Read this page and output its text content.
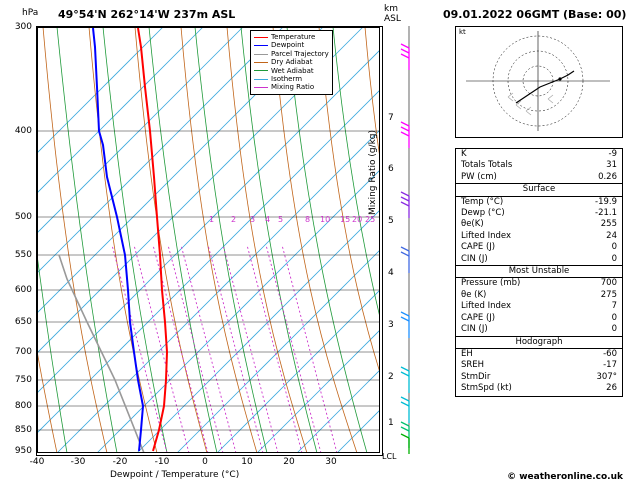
hPa 49°54'N 262°14'W 237m ASL	km
ASL	09.01.2022 06GMT (Base: 00)
1 2 3 4 5	8 10 15 20 25
Temperature
Dewpoint
Parcel Trajectory
Dry Adiabat
Wet Adiabat
Isotherm
Mixing Ratio
300
400
500
550
600
650
700
750
800
850
950
-40	-30	-20	-10	0	10	20	30
Dewpoint / Temperature (°C)
7
6
5
4
3
2
1
LCL
Mixing Ratio (g/kg)
kt
K	-9
Totals Totals	31
PW (cm)	0.26
Surface
Temp (°C)	-19.9
Dewp (°C)	-21.1
θe(K)	255
Lifted Index	24
CAPE (J)	0
CIN (J)	0
Most Unstable
Pressure (mb)	700
θe (K)	275
Lifted Index	7
CAPE (J)	0
CIN (J)	0
Hodograph
EH	-60
SREH	-17
StmDir	307°
StmSpd (kt)	26
© weatheronline.co.uk
